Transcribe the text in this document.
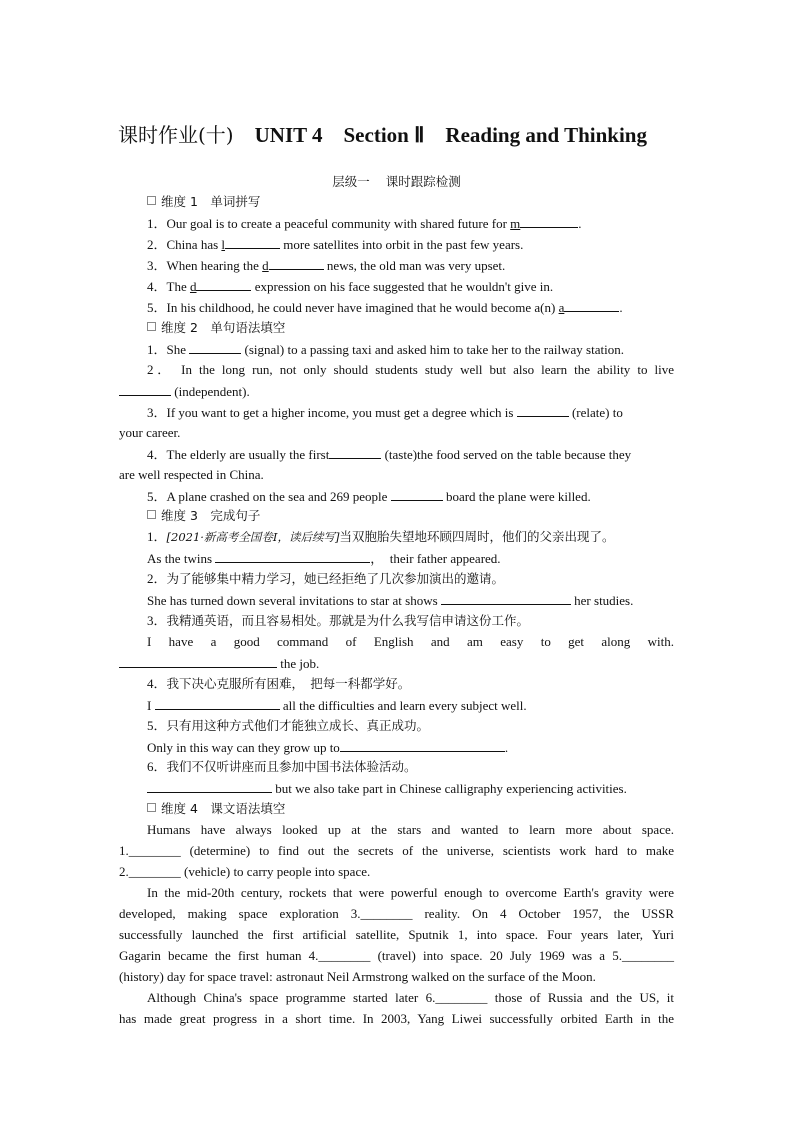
课时作业(十) UNIT 4 Section Ⅱ Reading and Thinking
层级一 课时跟踪检测
维度 1　单词拼写
1．Our goal is to create a peaceful community with shared future for m	.
2．China has l	more satellites into orbit in the past few years.
3．When hearing the d	news, the old man was very upset.
4．The d	expression on his face suggested that he wouldn't give in.
5．In his childhood, he could never have imagined that he would become a(n) a	.
维度 2　单句语法填空
1．She	(signal) to a passing taxi and asked him to take her to the railway station.
2． In the long run, not only should students study well but also learn the ability to live
(independent).
3．If you want to get a higher income, you must get a degree which is	(relate) to
your career.
4．The elderly are usually the first	(taste)the food served on the table because they
are well respected in China.
5．A plane crashed on the sea and 269 people	board the plane were killed.
维度 3　完成句子
1．[2021·新高考全国卷Ⅰ，读后续写]当双胞胎失望地环顾四周时，他们的父亲出现了。
As the twins	，　their father appeared.
2．为了能够集中精力学习，她已经拒绝了几次参加演出的邀请。
She has turned down several invitations to star at shows	her studies.
3．我精通英语，而且容易相处。那就是为什么我写信申请这份工作。
I have a good command of English and am easy to get along with.
the job.
4．我下决心克服所有困难，　把每一科都学好。
I	all the difficulties and learn every subject well.
5．只有用这种方式他们才能独立成长、真正成功。
Only in this way can they grow up to	.
6．我们不仅听讲座而且参加中国书法体验活动。
but we also take part in Chinese calligraphy experiencing activities.
维度 4　课文语法填空
Humans have always looked up at the stars and wanted to learn more about space.
1.________ (determine) to find out the secrets of the universe, scientists work hard to make
2.________ (vehicle) to carry people into space.
In the mid-20th century, rockets that were powerful enough to overcome Earth's gravity were
developed, making space exploration 3.________ reality. On 4 October 1957, the USSR
successfully launched the first artificial satellite, Sputnik 1, into space. Four years later, Yuri
Gagarin became the first human 4.________ (travel) into space. 20 July 1969 was a 5.________
(history) day for space travel: astronaut Neil Armstrong walked on the surface of the Moon.
Although China's space programme started later 6.________ those of Russia and the US, it
has made great progress in a short time. In 2003, Yang Liwei successfully orbited Earth in the
